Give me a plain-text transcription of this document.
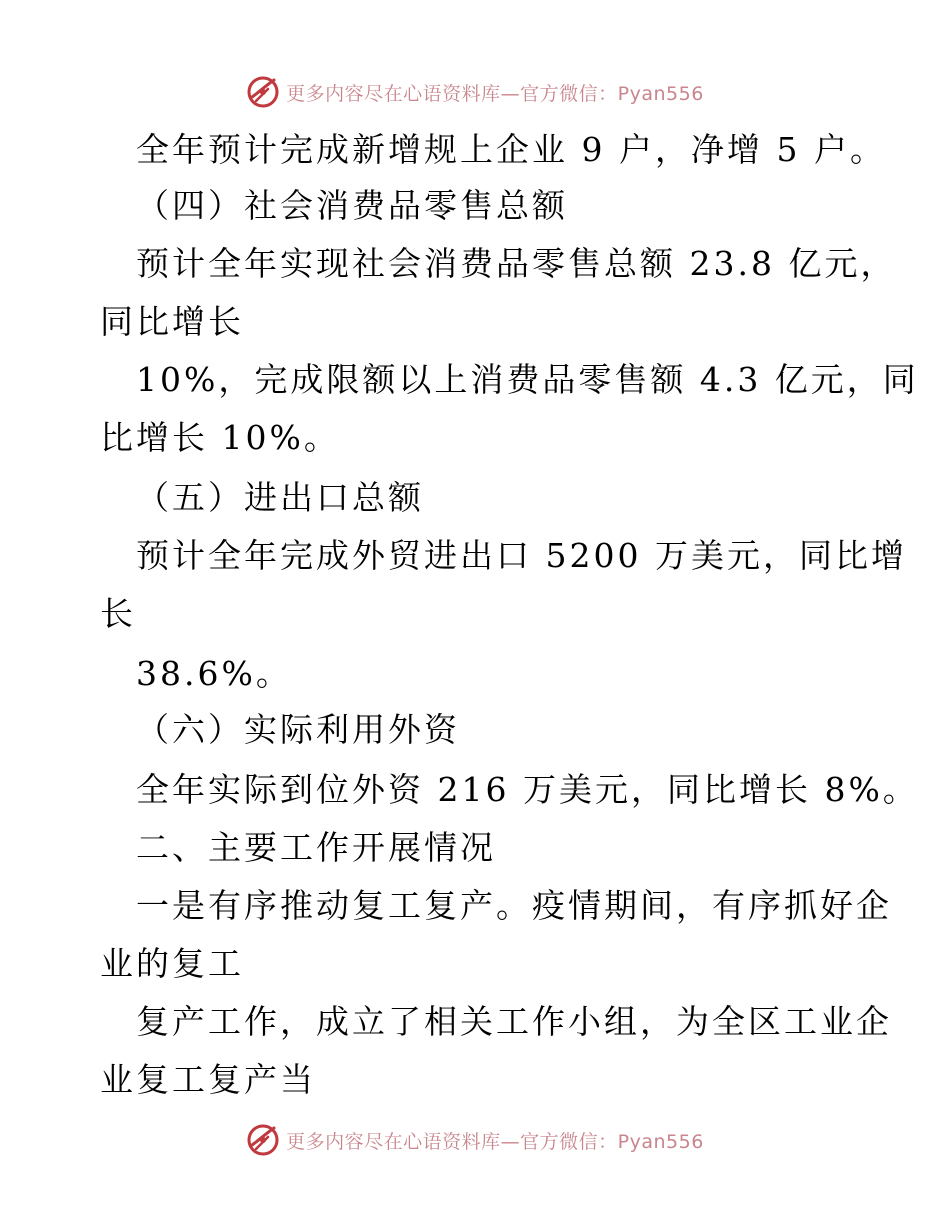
更多内容尽在心语资料库—官方微信：Pyan556
全年预计完成新增规上企业 9 户，净增 5 户。
（四）社会消费品零售总额
预计全年实现社会消费品零售总额 23.8 亿元，
同比增长
10%，完成限额以上消费品零售额 4.3 亿元，同
比增长 10%。
（五）进出口总额
预计全年完成外贸进出口 5200 万美元，同比增
长
38.6%。
（六）实际利用外资
全年实际到位外资 216 万美元，同比增长 8%。
二、主要工作开展情况
一是有序推动复工复产。疫情期间，有序抓好企
业的复工
复产工作，成立了相关工作小组，为全区工业企
业复工复产当
更多内容尽在心语资料库—官方微信：Pyan556
